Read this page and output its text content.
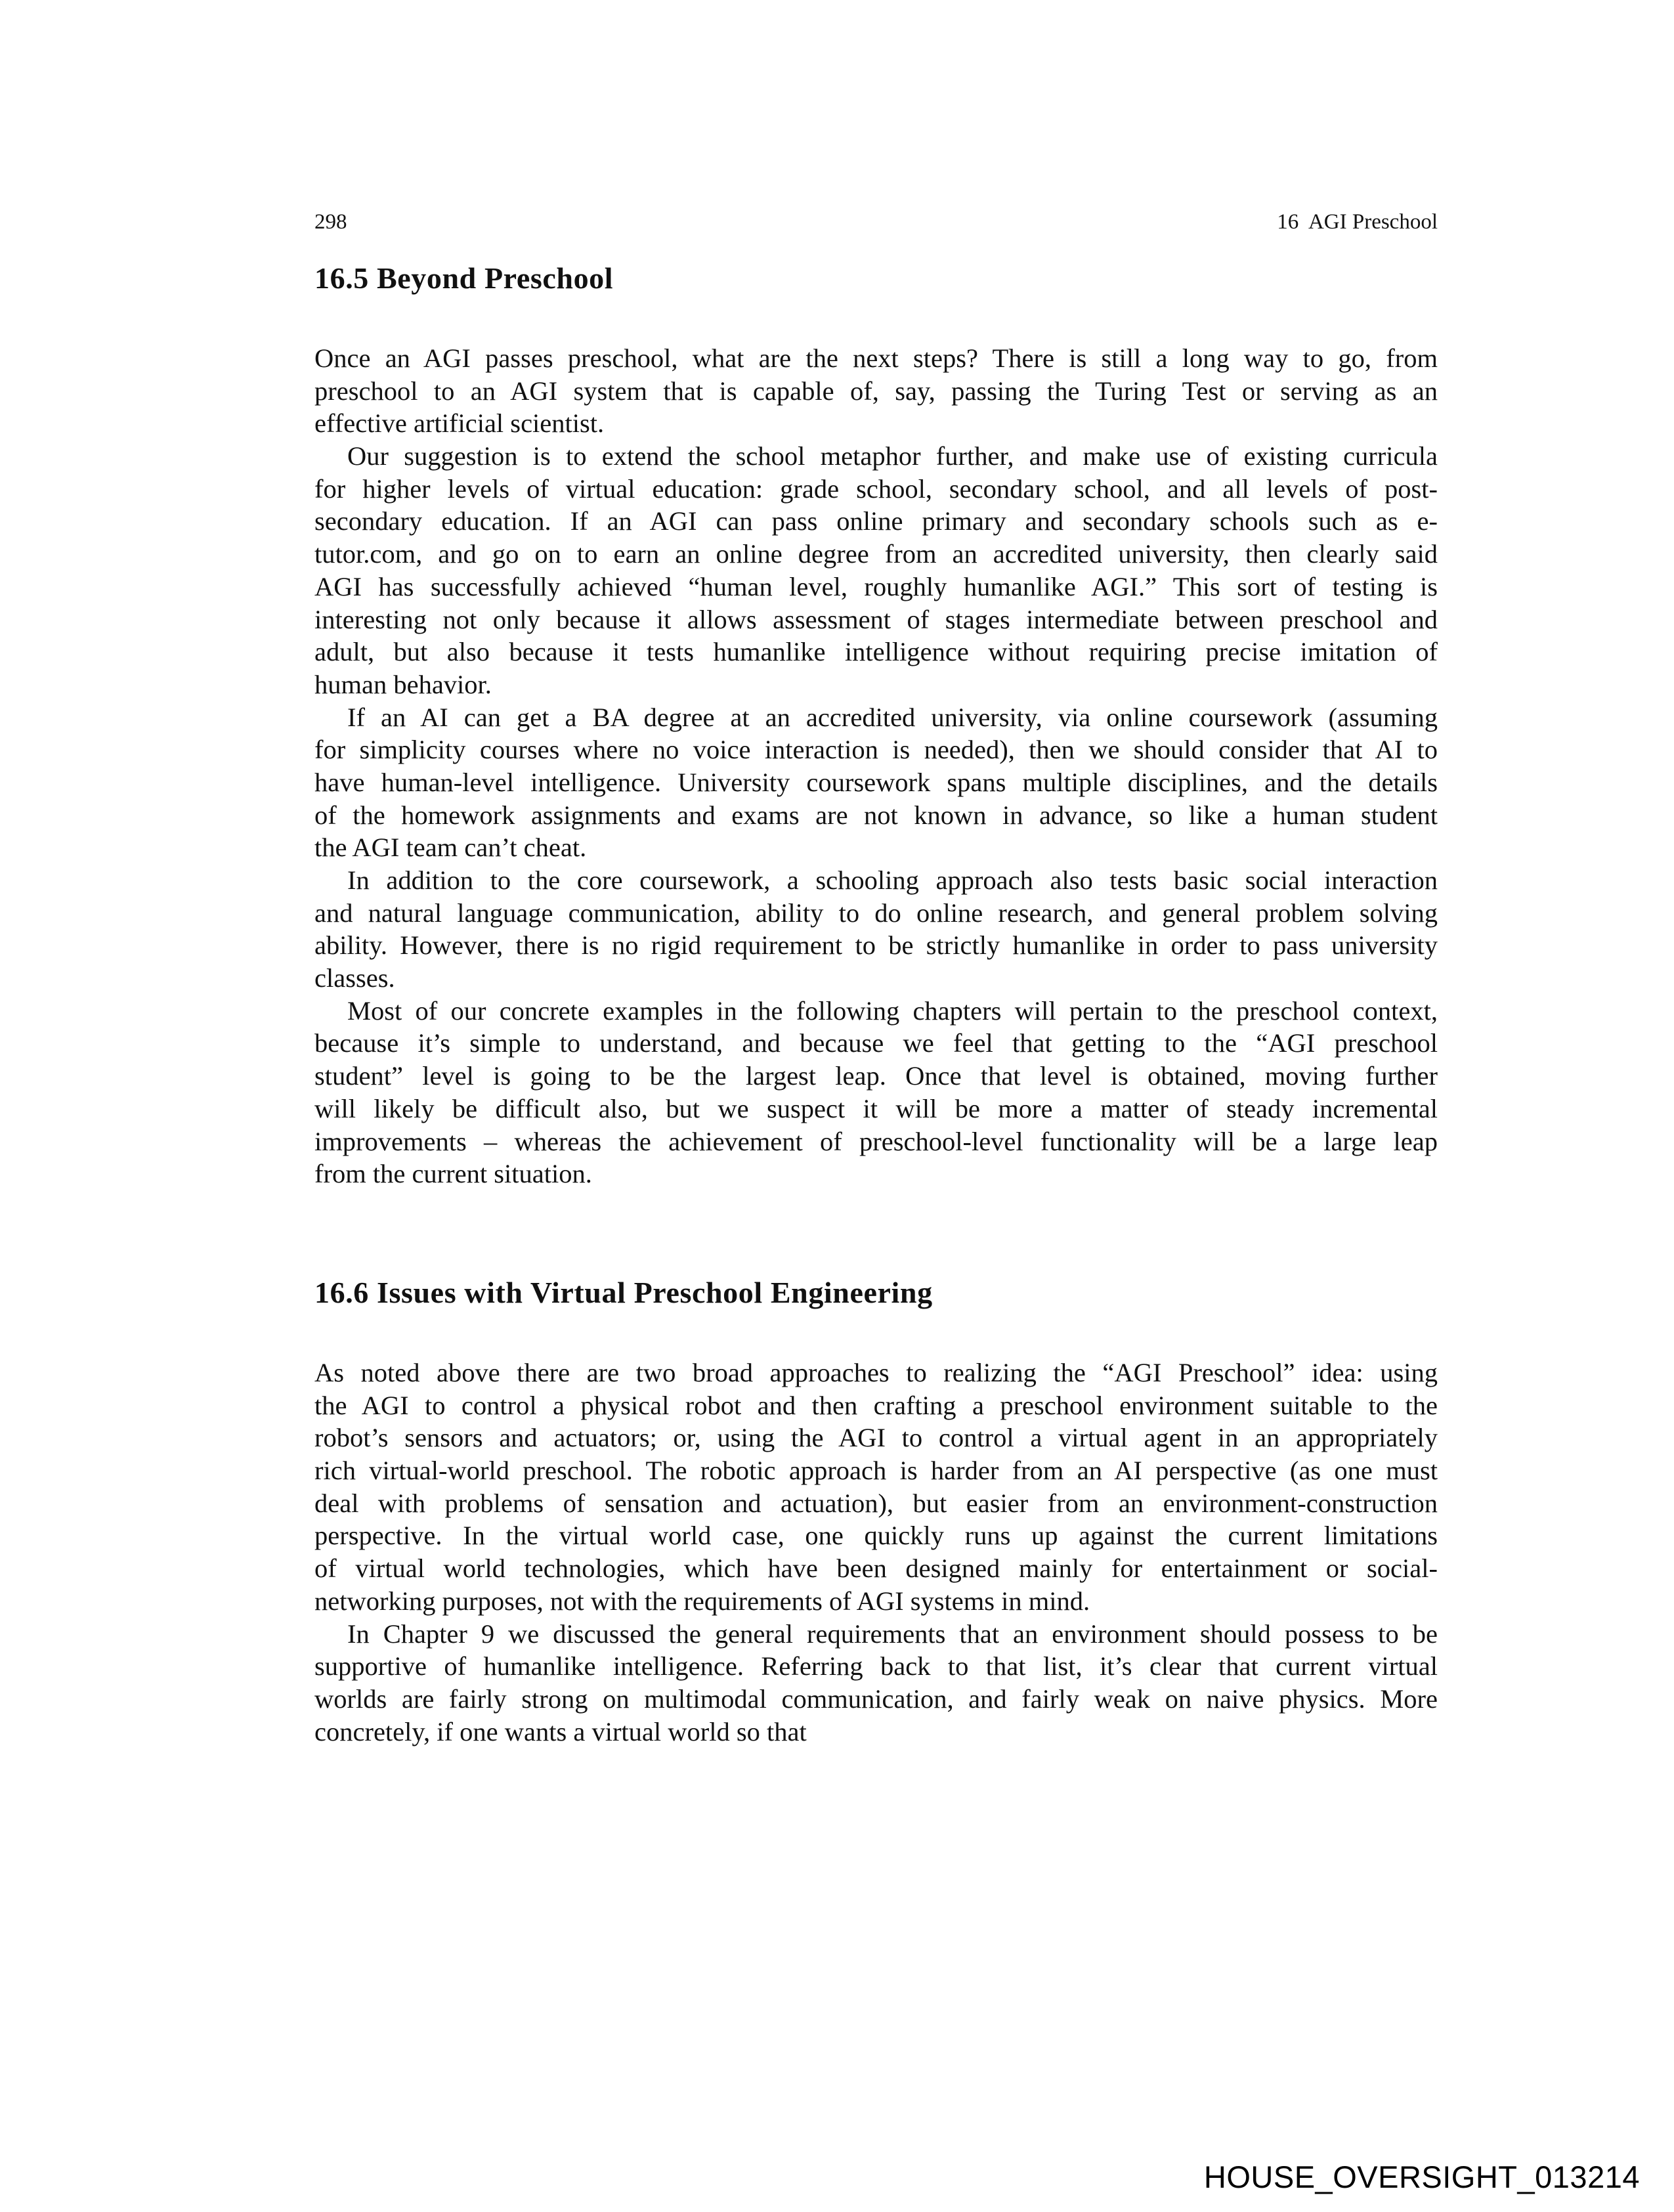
298	16  AGI Preschool
16.5 Beyond Preschool
Once an AGI passes preschool, what are the next steps? There is still a long way to go, from
preschool to an AGI system that is capable of, say, passing the Turing Test or serving as an
effective artificial scientist.
Our suggestion is to extend the school metaphor further, and make use of existing curricula
for higher levels of virtual education: grade school, secondary school, and all levels of post-
secondary education. If an AGI can pass online primary and secondary schools such as e-
tutor.com, and go on to earn an online degree from an accredited university, then clearly said
AGI has successfully achieved “human level, roughly humanlike AGI.” This sort of testing is
interesting not only because it allows assessment of stages intermediate between preschool and
adult, but also because it tests humanlike intelligence without requiring precise imitation of
human behavior.
If an AI can get a BA degree at an accredited university, via online coursework (assuming
for simplicity courses where no voice interaction is needed), then we should consider that AI to
have human-level intelligence. University coursework spans multiple disciplines, and the details
of the homework assignments and exams are not known in advance, so like a human student
the AGI team can’t cheat.
In addition to the core coursework, a schooling approach also tests basic social interaction
and natural language communication, ability to do online research, and general problem solving
ability. However, there is no rigid requirement to be strictly humanlike in order to pass university
classes.
Most of our concrete examples in the following chapters will pertain to the preschool context,
because it’s simple to understand, and because we feel that getting to the “AGI preschool
student” level is going to be the largest leap. Once that level is obtained, moving further
will likely be difficult also, but we suspect it will be more a matter of steady incremental
improvements – whereas the achievement of preschool-level functionality will be a large leap
from the current situation.
16.6 Issues with Virtual Preschool Engineering
As noted above there are two broad approaches to realizing the “AGI Preschool” idea: using
the AGI to control a physical robot and then crafting a preschool environment suitable to the
robot’s sensors and actuators; or, using the AGI to control a virtual agent in an appropriately
rich virtual-world preschool. The robotic approach is harder from an AI perspective (as one must
deal with problems of sensation and actuation), but easier from an environment-construction
perspective. In the virtual world case, one quickly runs up against the current limitations
of virtual world technologies, which have been designed mainly for entertainment or social-
networking purposes, not with the requirements of AGI systems in mind.
In Chapter 9 we discussed the general requirements that an environment should possess to be
supportive of humanlike intelligence. Referring back to that list, it’s clear that current virtual
worlds are fairly strong on multimodal communication, and fairly weak on naive physics. More
concretely, if one wants a virtual world so that
HOUSE_OVERSIGHT_013214
